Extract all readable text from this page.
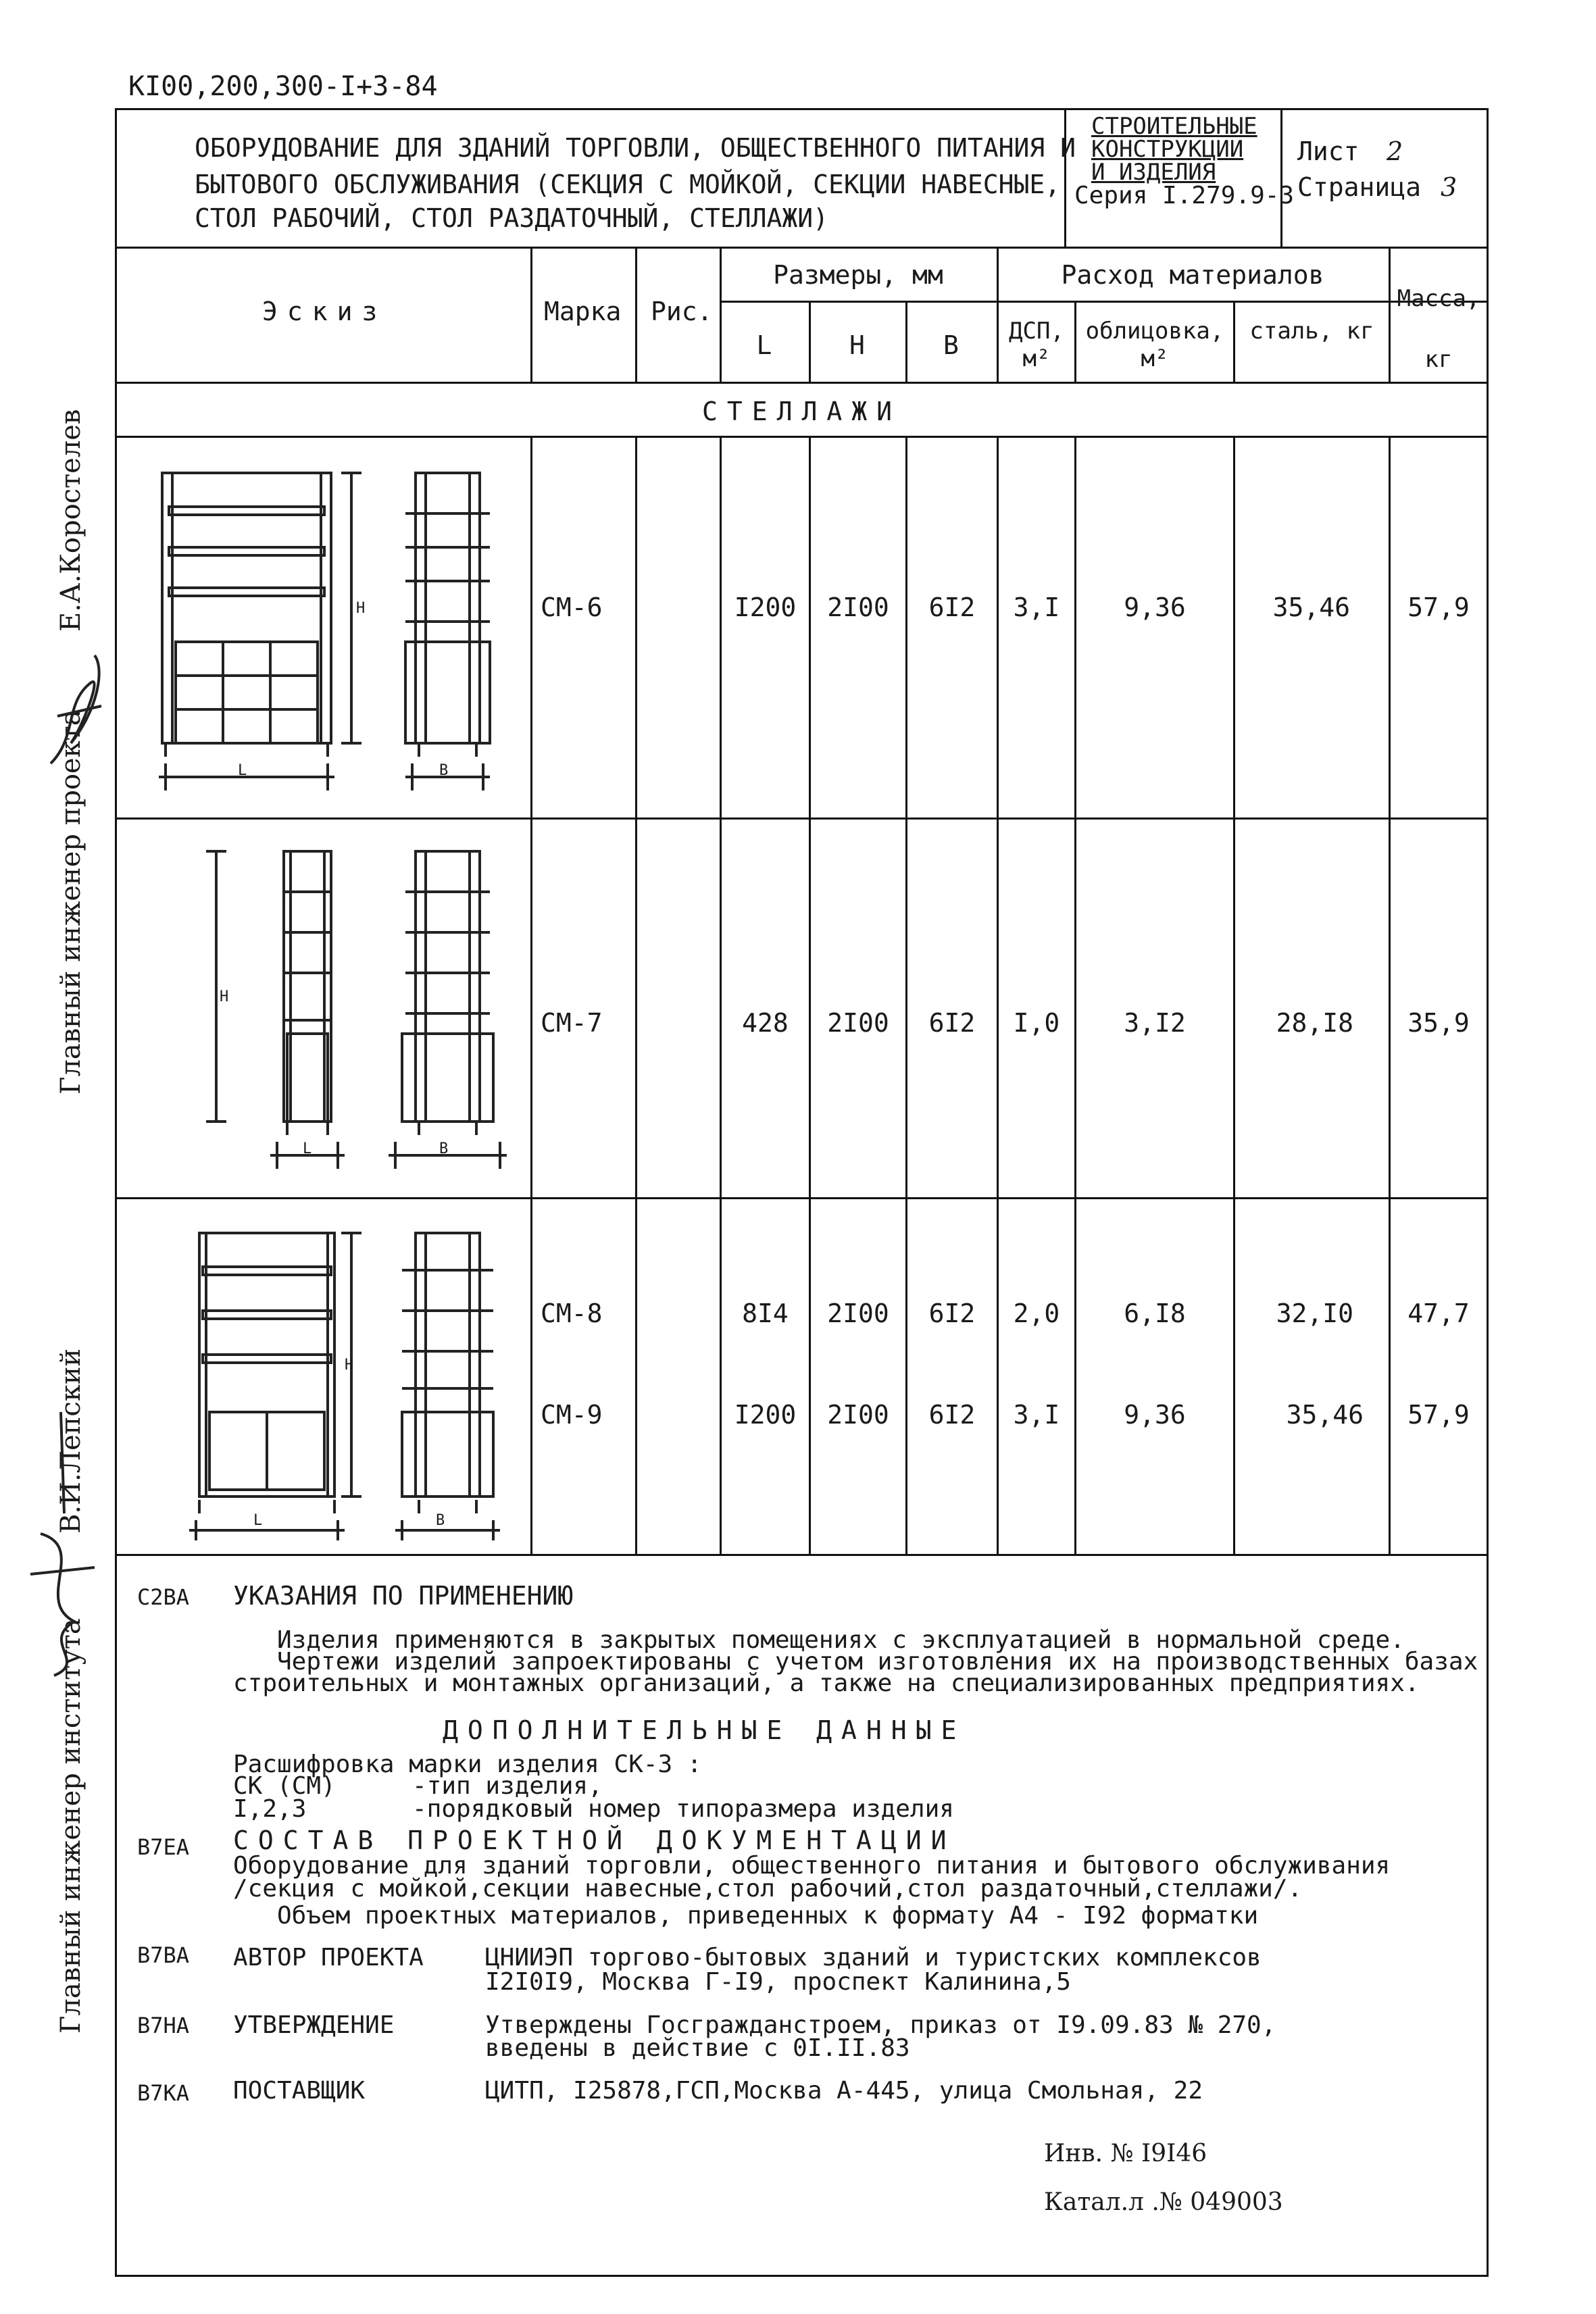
КI00,200,300-I+3-84
ОБОРУДОВАНИЕ ДЛЯ ЗДАНИЙ ТОРГОВЛИ, ОБЩЕСТВЕННОГО ПИТАНИЯ И
БЫТОВОГО ОБСЛУЖИВАНИЯ (СЕКЦИЯ С МОЙКОЙ, СЕКЦИИ НАВЕСНЫЕ,
СТОЛ РАБОЧИЙ, СТОЛ РАЗДАТОЧНЫЙ, СТЕЛЛАЖИ)
СТРОИТЕЛЬНЫЕ
КОНСТРУКЦИИ
И ИЗДЕЛИЯ
Серия I.279.9-3
Лист 2
Страница 3
Эскиз	Марка Рис.
Размеры, мм
L	H	B
Расход материалов
ДСП, м²
облицовка, м²
сталь, кг
Масса,
кг
СТЕЛЛАЖИ
СМ-6	I200	2I00	6I2	3,I	9,36	35,46	57,9
СМ-7	428	2I00	6I2	I,0	3,I2	28,I8	35,9
СМ-8	8I4	2I00	6I2	2,0	6,I8	32,I0	47,7
СМ-9	I200	2I00	6I2	3,I	9,36	35,46	57,9
L	B
H
L	B
H
L	B
H
Главный инженер проекта
Е.А.Коростелев
Главный инженер института
В.И.Лепский
С2ВА УКАЗАНИЯ ПО ПРИМЕНЕНИЮ
Изделия применяются в закрытых помещениях с эксплуатацией в нормальной среде.
Чертежи изделий запроектированы с учетом изготовления их на производственных базах
строительных и монтажных организаций, а также на специализированных предприятиях.
ДОПОЛНИТЕЛЬНЫЕ ДАННЫЕ
Расшифровка марки изделия СК-3 :
СК (СМ)	-тип изделия,
I,2,3	-порядковый номер типоразмера изделия
В7ЕА СОСТАВ ПРОЕКТНОЙ ДОКУМЕНТАЦИИ
Оборудование для зданий торговли, общественного питания и бытового обслуживания
/секция с мойкой,секции навесные,стол рабочий,стол раздаточный,стеллажи/.
Объем проектных материалов, приведенных к формату А4 - I92 форматки
В7ВА АВТОР ПРОЕКТА	ЦНИИЭП торгово-бытовых зданий и туристских комплексов
I2I0I9, Москва Г-I9, проспект Калинина,5
В7НА УТВЕРЖДЕНИЕ	Утверждены Госгражданстроем, приказ от I9.09.83 № 270,
введены в действие с 0I.II.83
В7КА ПОСТАВЩИК	ЦИТП, I25878,ГСП,Москва А-445, улица Смольная, 22
Инв. № I9I46
Катал.л .№ 049003
